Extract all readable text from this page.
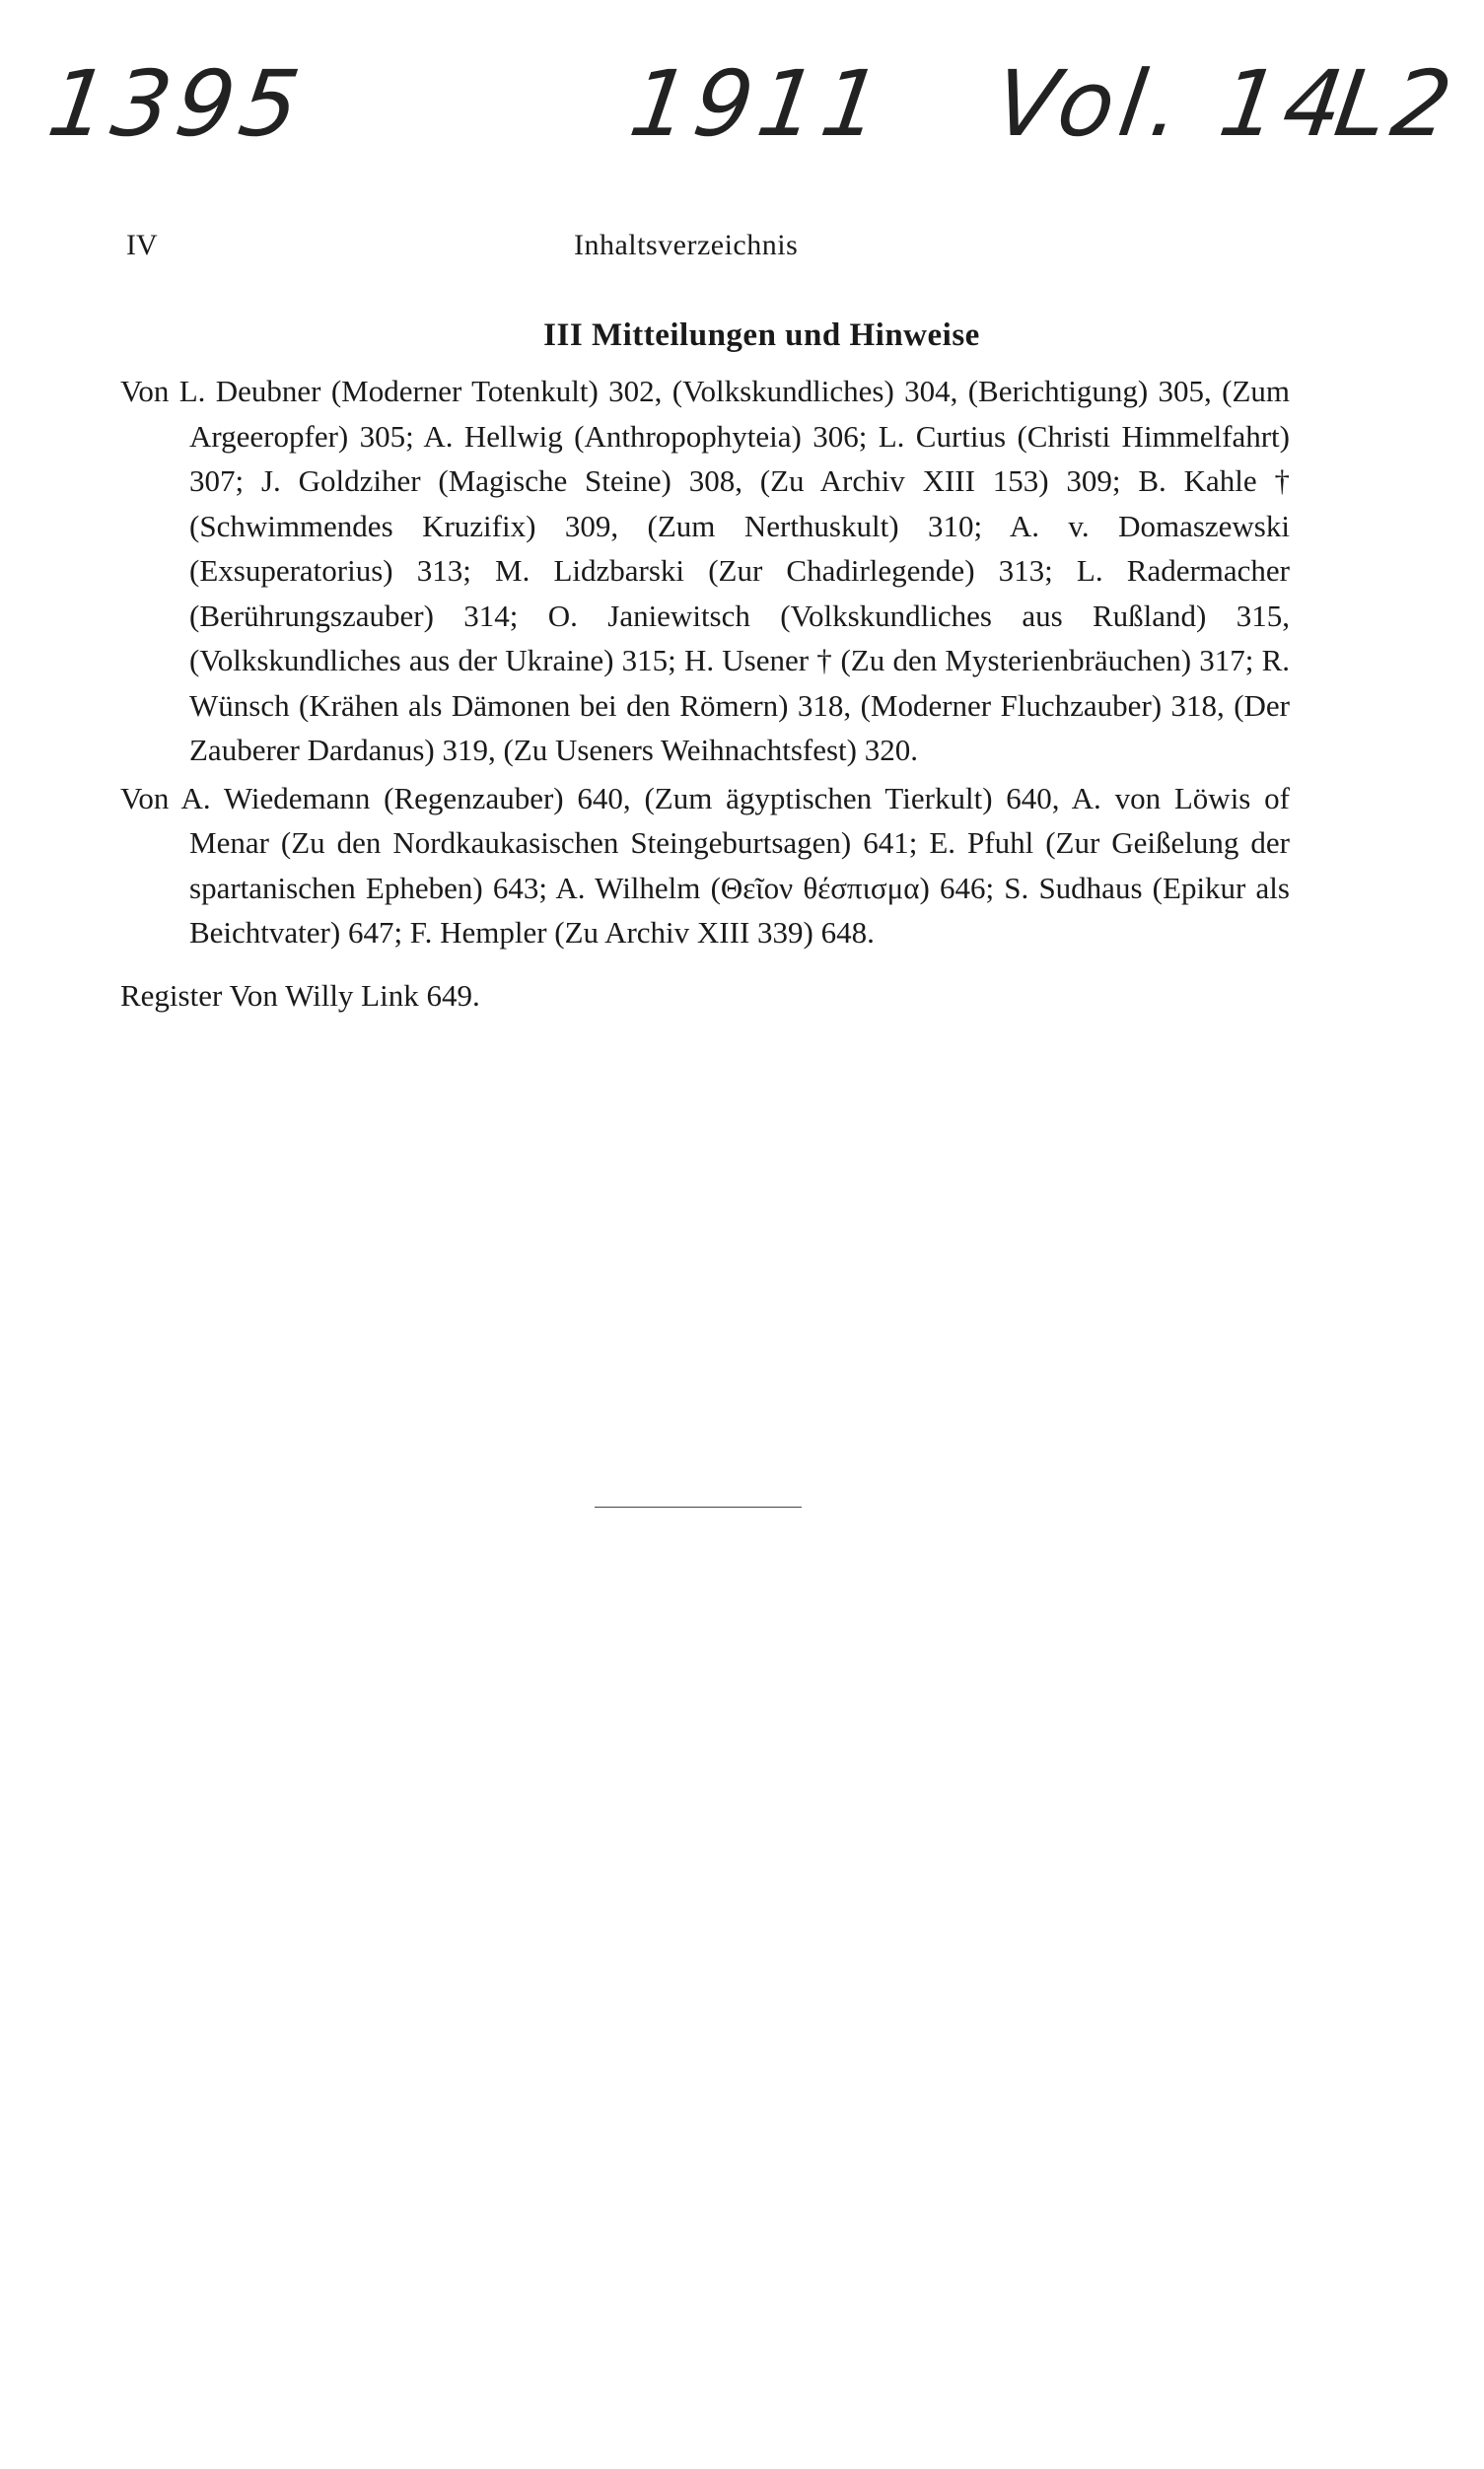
1395	1911 Vol. 14
L2
IV	Inhaltsverzeichnis
III Mitteilungen und Hinweise

Von L. Deubner (Moderner Totenkult) 302, (Volkskundliches) 304, (Berichtigung) 305, (Zum Argeeropfer) 305; A. Hellwig (Anthropophyteia) 306; L. Curtius (Christi Himmelfahrt) 307; J. Goldziher (Magische Steine) 308, (Zu Archiv XIII 153) 309; B. Kahle † (Schwimmendes Kruzifix) 309, (Zum Nerthuskult) 310; A. v. Domaszewski (Exsuperatorius) 313; M. Lidzbarski (Zur Chadirlegende) 313; L. Radermacher (Berührungszauber) 314; O. Janiewitsch (Volkskundliches aus Rußland) 315, (Volkskundliches aus der Ukraine) 315; H. Usener † (Zu den Mysterienbräuchen) 317; R. Wünsch (Krähen als Dämonen bei den Römern) 318, (Moderner Fluchzauber) 318, (Der Zauberer Dardanus) 319, (Zu Useners Weihnachtsfest) 320.

Von A. Wiedemann (Regenzauber) 640, (Zum ägyptischen Tierkult) 640, A. von Löwis of Menar (Zu den Nordkaukasischen Steingeburtsagen) 641; E. Pfuhl (Zur Geißelung der spartanischen Epheben) 643; A. Wilhelm (Θεῖον θέσπισμα) 646; S. Sudhaus (Epikur als Beichtvater) 647; F. Hempler (Zu Archiv XIII 339) 648.

Register Von Willy Link 649.
